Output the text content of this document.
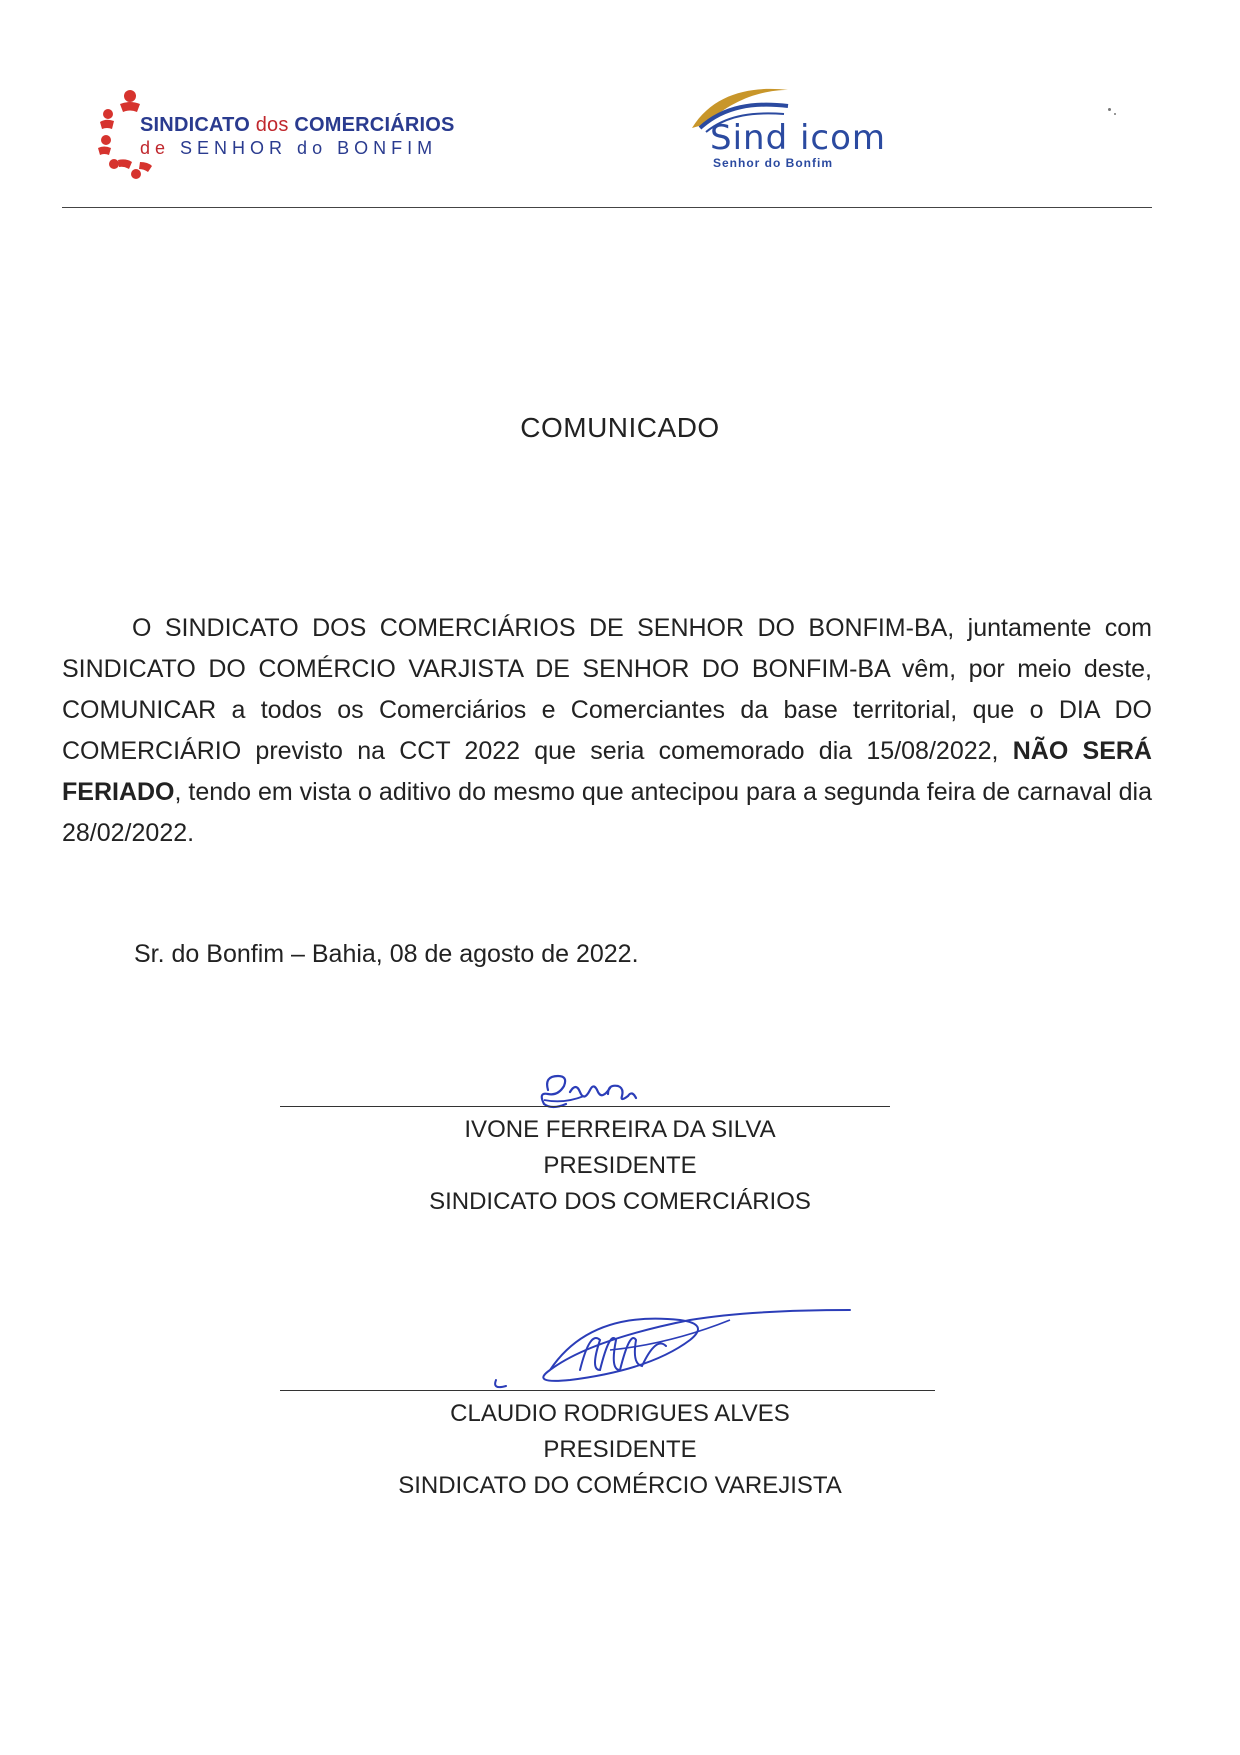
SINDICATO dos COMERCIÁRIOS
de SENHOR do BONFIM	Sind icom
Senhor do Bonfim
COMUNICADO
O SINDICATO DOS COMERCIÁRIOS DE SENHOR DO BONFIM-BA, juntamente com SINDICATO DO COMÉRCIO VARJISTA DE SENHOR DO BONFIM-BA vêm, por meio deste, COMUNICAR a todos os Comerciários e Comerciantes da base territorial, que o DIA DO COMERCIÁRIO previsto na CCT 2022 que seria comemorado dia 15/08/2022, NÃO SERÁ FERIADO, tendo em vista o aditivo do mesmo que antecipou para a segunda feira de carnaval dia 28/02/2022.
Sr. do Bonfim – Bahia, 08 de agosto de 2022.
IVONE FERREIRA DA SILVA
PRESIDENTE
SINDICATO DOS COMERCIÁRIOS
CLAUDIO RODRIGUES ALVES
PRESIDENTE
SINDICATO DO COMÉRCIO VAREJISTA
